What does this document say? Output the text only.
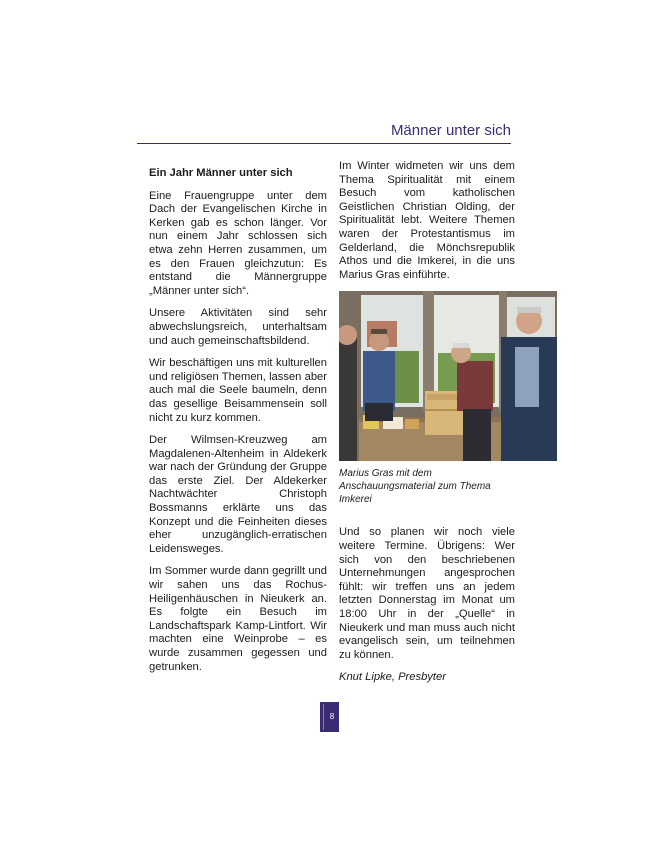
Männer unter sich

Ein Jahr Männer unter sich

Eine Frauengruppe unter dem Dach der Evangelischen Kirche in Kerken gab es schon länger. Vor nun einem Jahr schlossen sich etwa zehn Herren zusammen, um es den Frauen gleichzutun: Es entstand die Männergruppe „Männer unter sich“.

Unsere Aktivitäten sind sehr abwechslungsreich, unterhaltsam und auch gemeinschaftsbildend.

Wir beschäftigen uns mit kulturellen und religiösen Themen, lassen aber auch mal die Seele baumeln, denn das gesellige Beisammensein soll nicht zu kurz kommen.

Der Wilmsen-Kreuzweg am Magdalenen-Altenheim in Aldekerk war nach der Gründung der Gruppe das erste Ziel. Der Aldekerker Nachtwächter Christoph Bossmanns erklärte uns das Konzept und die Feinheiten dieses eher unzugänglich-erratischen Leidensweges.

Im Sommer wurde dann gegrillt und wir sahen uns das Rochus-Heiligenhäuschen in Nieukerk an. Es folgte ein Besuch im Landschaftspark Kamp-Lintfort. Wir machten eine Weinprobe – es wurde zusammen gegessen und getrunken.

Im Winter widmeten wir uns dem Thema Spiritualität mit einem Besuch vom katholischen Geistlichen Christian Olding, der Spiritualität lebt. Weitere Themen waren der Protestantismus im Gelderland, die Mönchsrepublik Athos und die Imkerei, in die uns Marius Gras einführte.

Marius Gras mit dem Anschauungsmaterial zum Thema Imkerei

Und so planen wir noch viele weitere Termine. Übrigens: Wer sich von den beschriebenen Unternehmungen angesprochen fühlt: wir treffen uns an jedem letzten Donnerstag im Monat um 18:00 Uhr in der „Quelle“ in Nieukerk und man muss auch nicht evangelisch sein, um teilnehmen zu können.

Knut Lipke, Presbyter

8
